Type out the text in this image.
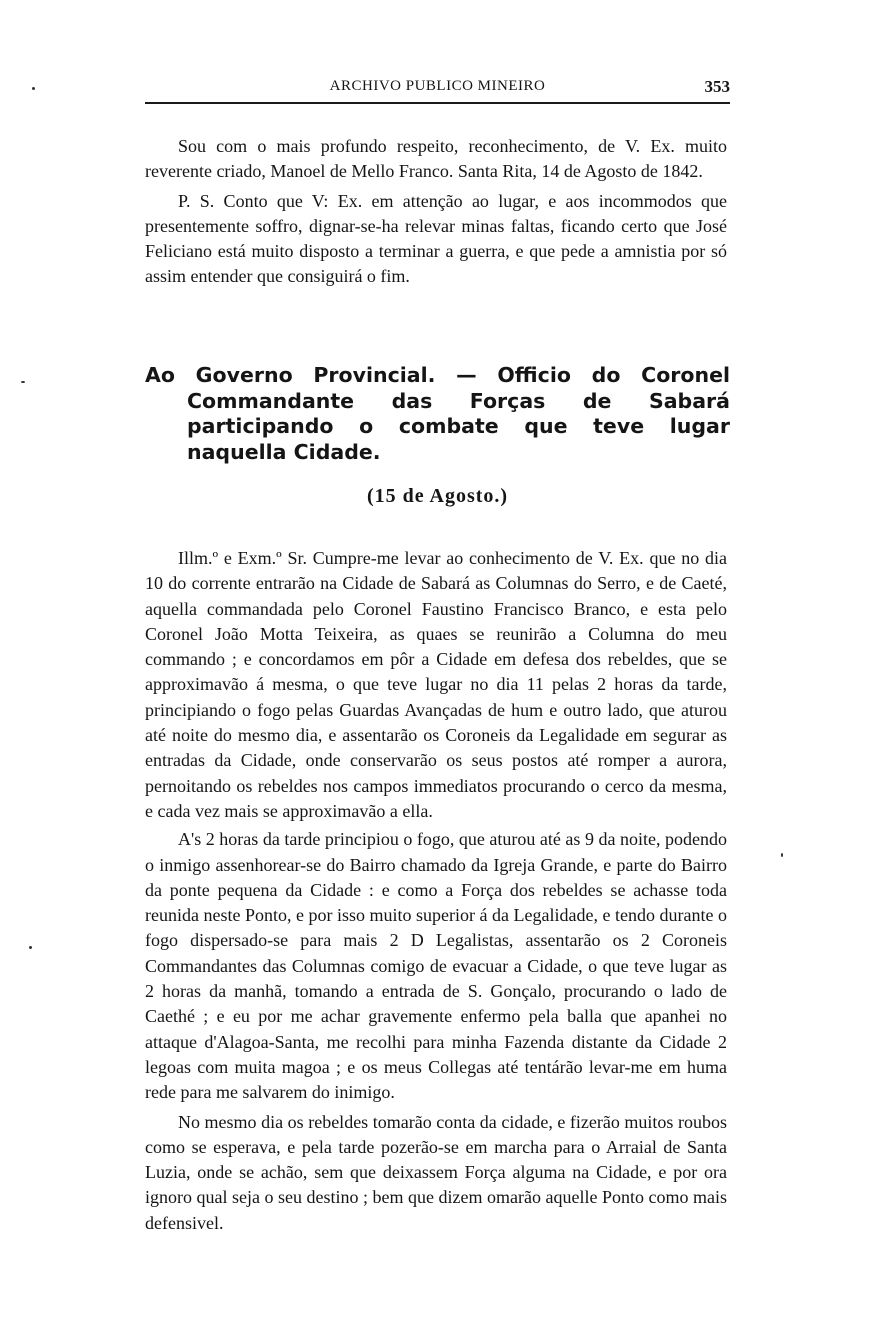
ARCHIVO PUBLICO MINEIRO	353

Sou com o mais profundo respeito, reconhecimento, de V. Ex. muito reverente criado, Manoel de Mello Franco. Santa Rita, 14 de Agosto de 1842.

P. S. Conto que V: Ex. em attenção ao lugar, e aos incommodos que presentemente soffro, dignar-se-ha relevar minas faltas, ficando certo que José Feliciano está muito disposto a terminar a guerra, e que pede a amnistia por só assim entender que consiguirá o fim.

Ao Governo Provincial. — Officio do Coronel Commandante das Forças de Sabará participando o combate que teve lugar naquella Cidade.
(15 de Agosto.)

Illm.º e Exm.º Sr. Cumpre-me levar ao conhecimento de V. Ex. que no dia 10 do corrente entrarão na Cidade de Sabará as Columnas do Serro, e de Caeté, aquella commandada pelo Coronel Faustino Francisco Branco, e esta pelo Coronel João Motta Teixeira, as quaes se reunirão a Columna do meu commando ; e concordamos em pôr a Cidade em defesa dos rebeldes, que se approximavão á mesma, o que teve lugar no dia 11 pelas 2 horas da tarde, principiando o fogo pelas Guardas Avançadas de hum e outro lado, que aturou até noite do mesmo dia, e assentarão os Coroneis da Legalidade em segurar as entradas da Cidade, onde conservarão os seus postos até romper a aurora, pernoitando os rebeldes nos campos immediatos procurando o cerco da mesma, e cada vez mais se approximavão a ella.

A's 2 horas da tarde principiou o fogo, que aturou até as 9 da noite, podendo o inmigo assenhorear-se do Bairro chamado da Igreja Grande, e parte do Bairro da ponte pequena da Cidade : e como a Força dos rebeldes se achasse toda reunida neste Ponto, e por isso muito superior á da Legalidade, e tendo durante o fogo dispersado-se para mais 2 D Legalistas, assentarão os 2 Coroneis Commandantes das Columnas comigo de evacuar a Cidade, o que teve lugar as 2 horas da manhã, tomando a entrada de S. Gonçalo, procurando o lado de Caethé ; e eu por me achar gravemente enfermo pela balla que apanhei no attaque d'Alagoa-Santa, me recolhi para minha Fazenda distante da Cidade 2 legoas com muita magoa ; e os meus Collegas até tentárão levar-me em huma rede para me salvarem do inimigo.

No mesmo dia os rebeldes tomarão conta da cidade, e fizerão muitos roubos como se esperava, e pela tarde pozerão-se em marcha para o Arraial de Santa Luzia, onde se achão, sem que deixassem Força alguma na Cidade, e por ora ignoro qual seja o seu destino ; bem que dizem omarão aquelle Ponto como mais defensivel.
